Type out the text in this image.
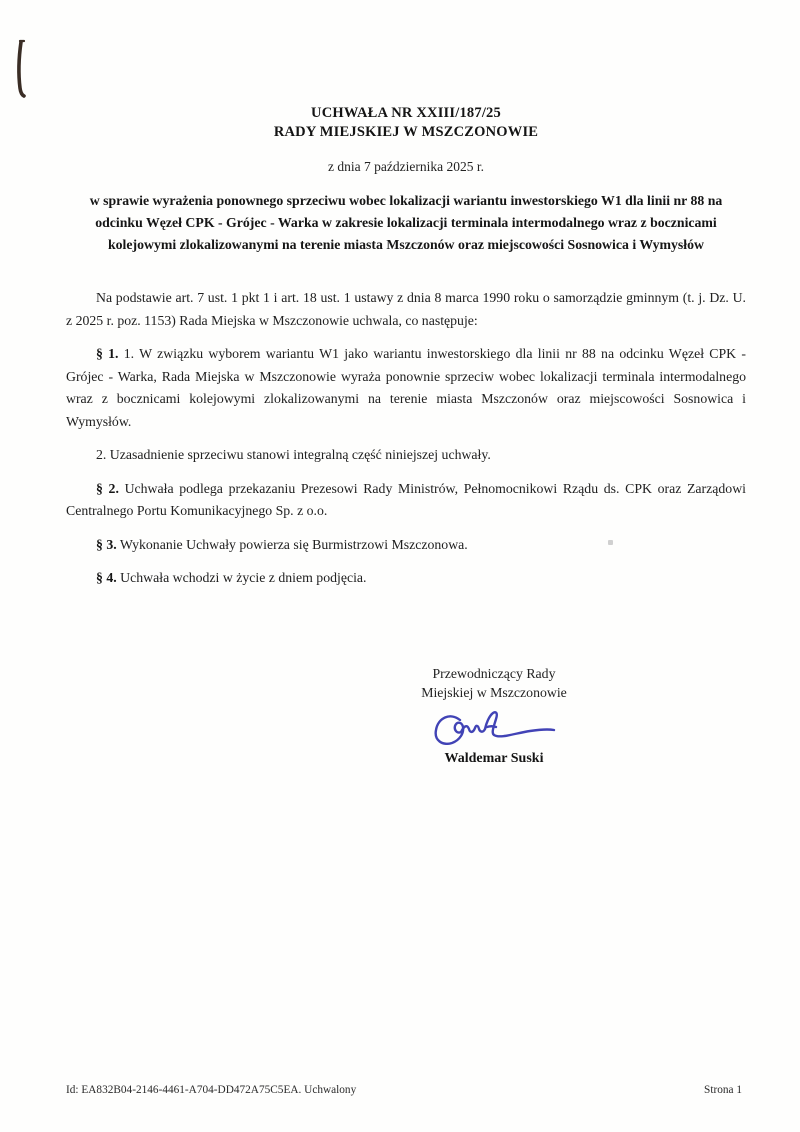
UCHWAŁA NR XXIII/187/25
RADY MIEJSKIEJ W MSZCZONOWIE
z dnia 7 października 2025 r.
w sprawie wyrażenia ponownego sprzeciwu wobec lokalizacji wariantu inwestorskiego W1 dla linii nr 88 na odcinku Węzeł CPK - Grójec - Warka w zakresie lokalizacji terminala intermodalnego wraz z bocznicami kolejowymi zlokalizowanymi na terenie miasta Mszczonów oraz miejscowości Sosnowica i Wymysłów

Na podstawie art. 7 ust. 1 pkt 1 i art. 18 ust. 1 ustawy z dnia 8 marca 1990 roku o samorządzie gminnym (t. j. Dz. U. z 2025 r. poz. 1153) Rada Miejska w Mszczonowie uchwala, co następuje:

§ 1. 1. W związku wyborem wariantu W1 jako wariantu inwestorskiego dla linii nr 88 na odcinku Węzeł CPK - Grójec - Warka, Rada Miejska w Mszczonowie wyraża ponownie sprzeciw wobec lokalizacji terminala intermodalnego wraz z bocznicami kolejowymi zlokalizowanymi na terenie miasta Mszczonów oraz miejscowości Sosnowica i Wymysłów.

2. Uzasadnienie sprzeciwu stanowi integralną część niniejszej uchwały.

§ 2. Uchwała podlega przekazaniu Prezesowi Rady Ministrów, Pełnomocnikowi Rządu ds. CPK oraz Zarządowi Centralnego Portu Komunikacyjnego Sp. z o.o.

§ 3. Wykonanie Uchwały powierza się Burmistrzowi Mszczonowa.

§ 4. Uchwała wchodzi w życie z dniem podjęcia.

Przewodniczący Rady
Miejskiej w Mszczonowie
Waldemar Suski
Id: EA832B04-2146-4461-A704-DD472A75C5EA. Uchwalony	Strona 1
